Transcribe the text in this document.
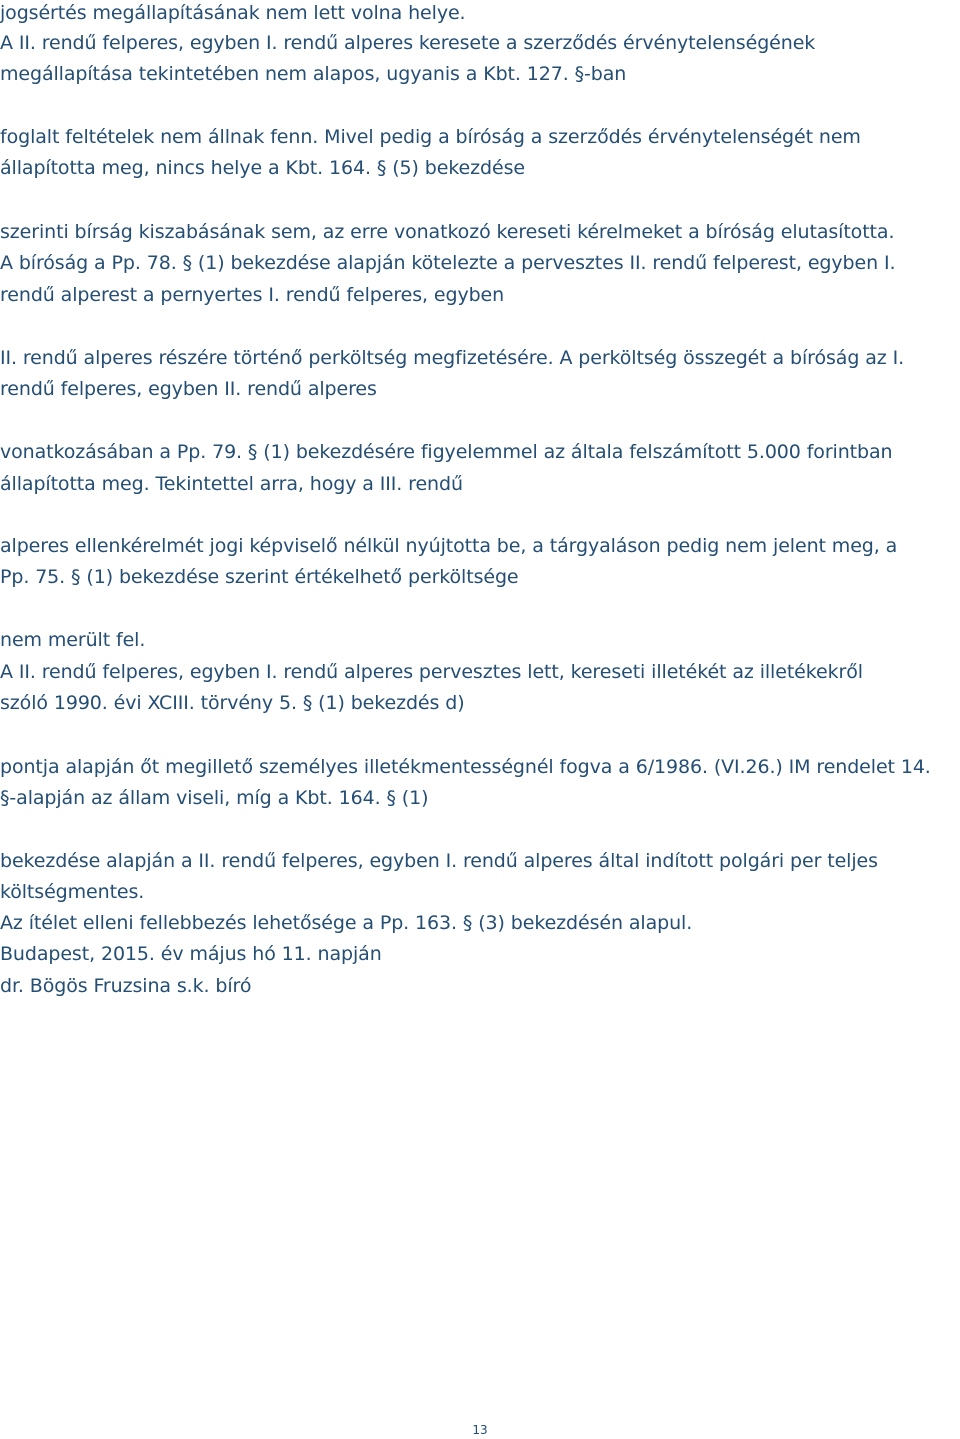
jogsértés megállapításának nem lett volna helye.

A II. rendű felperes, egyben I. rendű alperes keresete a szerződés érvénytelenségének

megállapítása tekintetében nem alapos, ugyanis a Kbt. 127. §-ban

foglalt feltételek nem állnak fenn. Mivel pedig a bíróság a szerződés érvénytelenségét nem

állapította meg, nincs helye a Kbt. 164. § (5) bekezdése

szerinti bírság kiszabásának sem, az erre vonatkozó kereseti kérelmeket a bíróság elutasította.

A bíróság a Pp. 78. § (1) bekezdése alapján kötelezte a pervesztes II. rendű felperest, egyben I.

rendű alperest a pernyertes I. rendű felperes, egyben

II. rendű alperes részére történő perköltség megfizetésére. A perköltség összegét a bíróság az I.

rendű felperes, egyben II. rendű alperes

vonatkozásában a Pp. 79. § (1) bekezdésére figyelemmel az általa felszámított 5.000 forintban

állapította meg. Tekintettel arra, hogy a III. rendű

alperes ellenkérelmét jogi képviselő nélkül nyújtotta be, a tárgyaláson pedig nem jelent meg, a

Pp. 75. § (1) bekezdése szerint értékelhető perköltsége

nem merült fel.

A II. rendű felperes, egyben I. rendű alperes pervesztes lett, kereseti illetékét az illetékekről

szóló 1990. évi XCIII. törvény 5. § (1) bekezdés d)

pontja alapján őt megillető személyes illetékmentességnél fogva a 6/1986. (VI.26.) IM rendelet 14.

§-alapján az állam viseli, míg a Kbt. 164. § (1)

bekezdése alapján a II. rendű felperes, egyben I. rendű alperes által indított polgári per teljes

költségmentes.

Az ítélet elleni fellebbezés lehetősége a Pp. 163. § (3) bekezdésén alapul.

Budapest, 2015. év május hó 11. napján

dr. Bögös Fruzsina s.k. bíró

13
